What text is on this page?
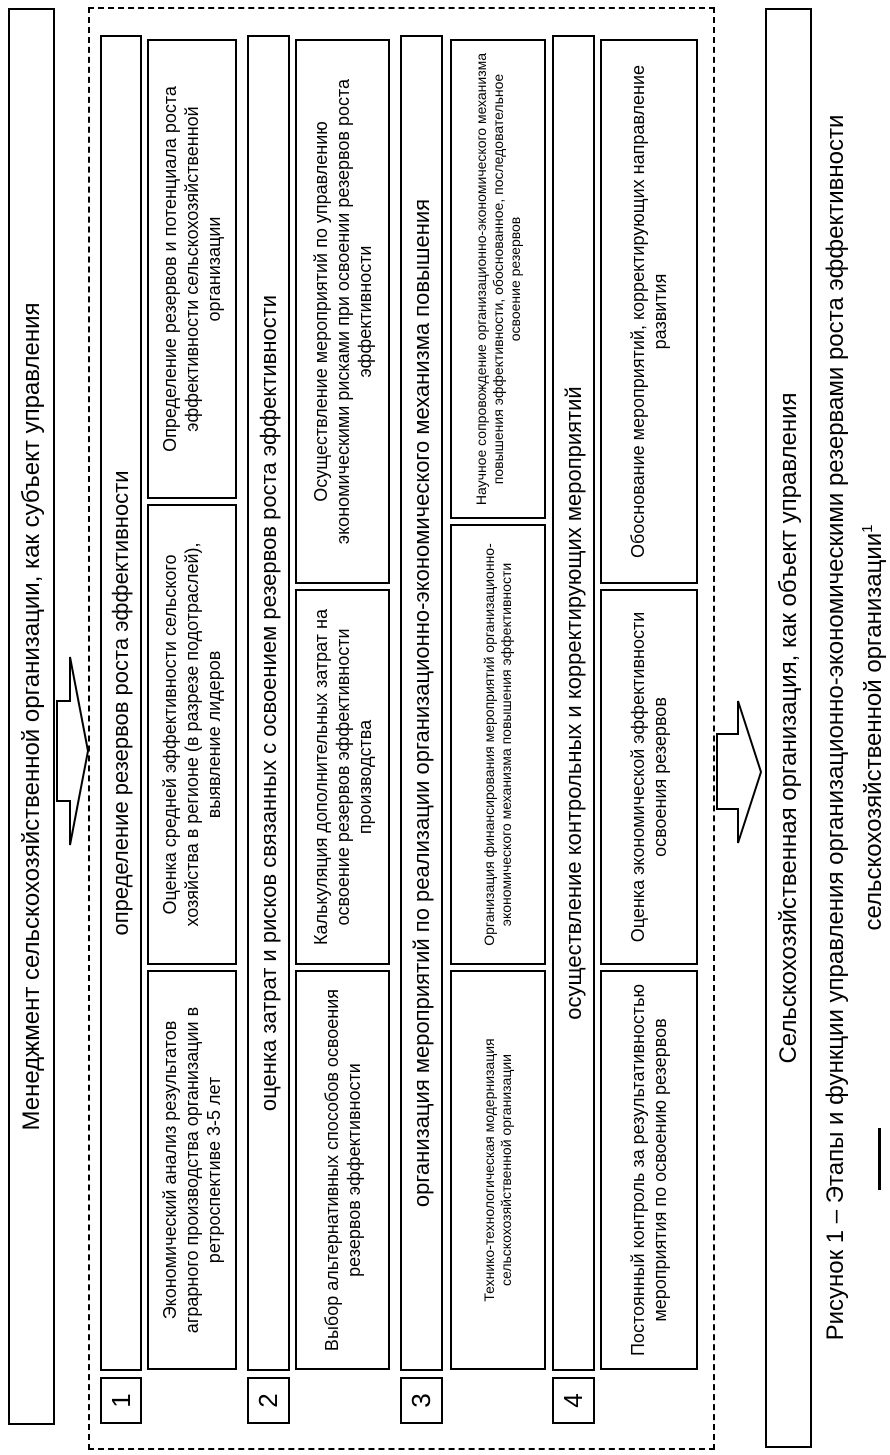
Менеджмент сельскохозяйственной организации, как субъект управления
1
определение резервов роста эффективности
Экономический анализ результатов аграрного производства организации в ретроспективе 3-5 лет
Оценка средней эффективности сельского хозяйства в регионе (в разрезе подотраслей), выявление лидеров
Определение резервов и потенциала роста эффективности сельскохозяйственной организации
2
оценка затрат и рисков связанных с освоением резервов роста эффективности
Выбор альтернативных способов освоения резервов эффективности
Калькуляция дополнительных затрат на освоение резервов эффективности производства
Осуществление мероприятий по управлению экономическими рисками при освоении резервов роста эффективности
3
организация мероприятий по реализации организационно-экономического механизма повышения	Технико-технологическая модернизация сельскохозяйственной организации
Организация финансирования мероприятий организационно-экономического механизма повышения эффективности
Научное сопровождение организационно-экономического механизма повышения эффективности, обоснованное, последовательное освоение резервов
4
осуществление контрольных и корректирующих мероприятий
Постоянный контроль за результативностью мероприятия по освоению резервов
Оценка экономической эффективности освоения резервов
Обоснование мероприятий, корректирующих направление развития
Сельскохозяйственная организация, как объект управления Рисунок 1 – Этапы и функции управления организационно-экономическими резервами роста эффективности сельскохозяйственной организации$^1$
